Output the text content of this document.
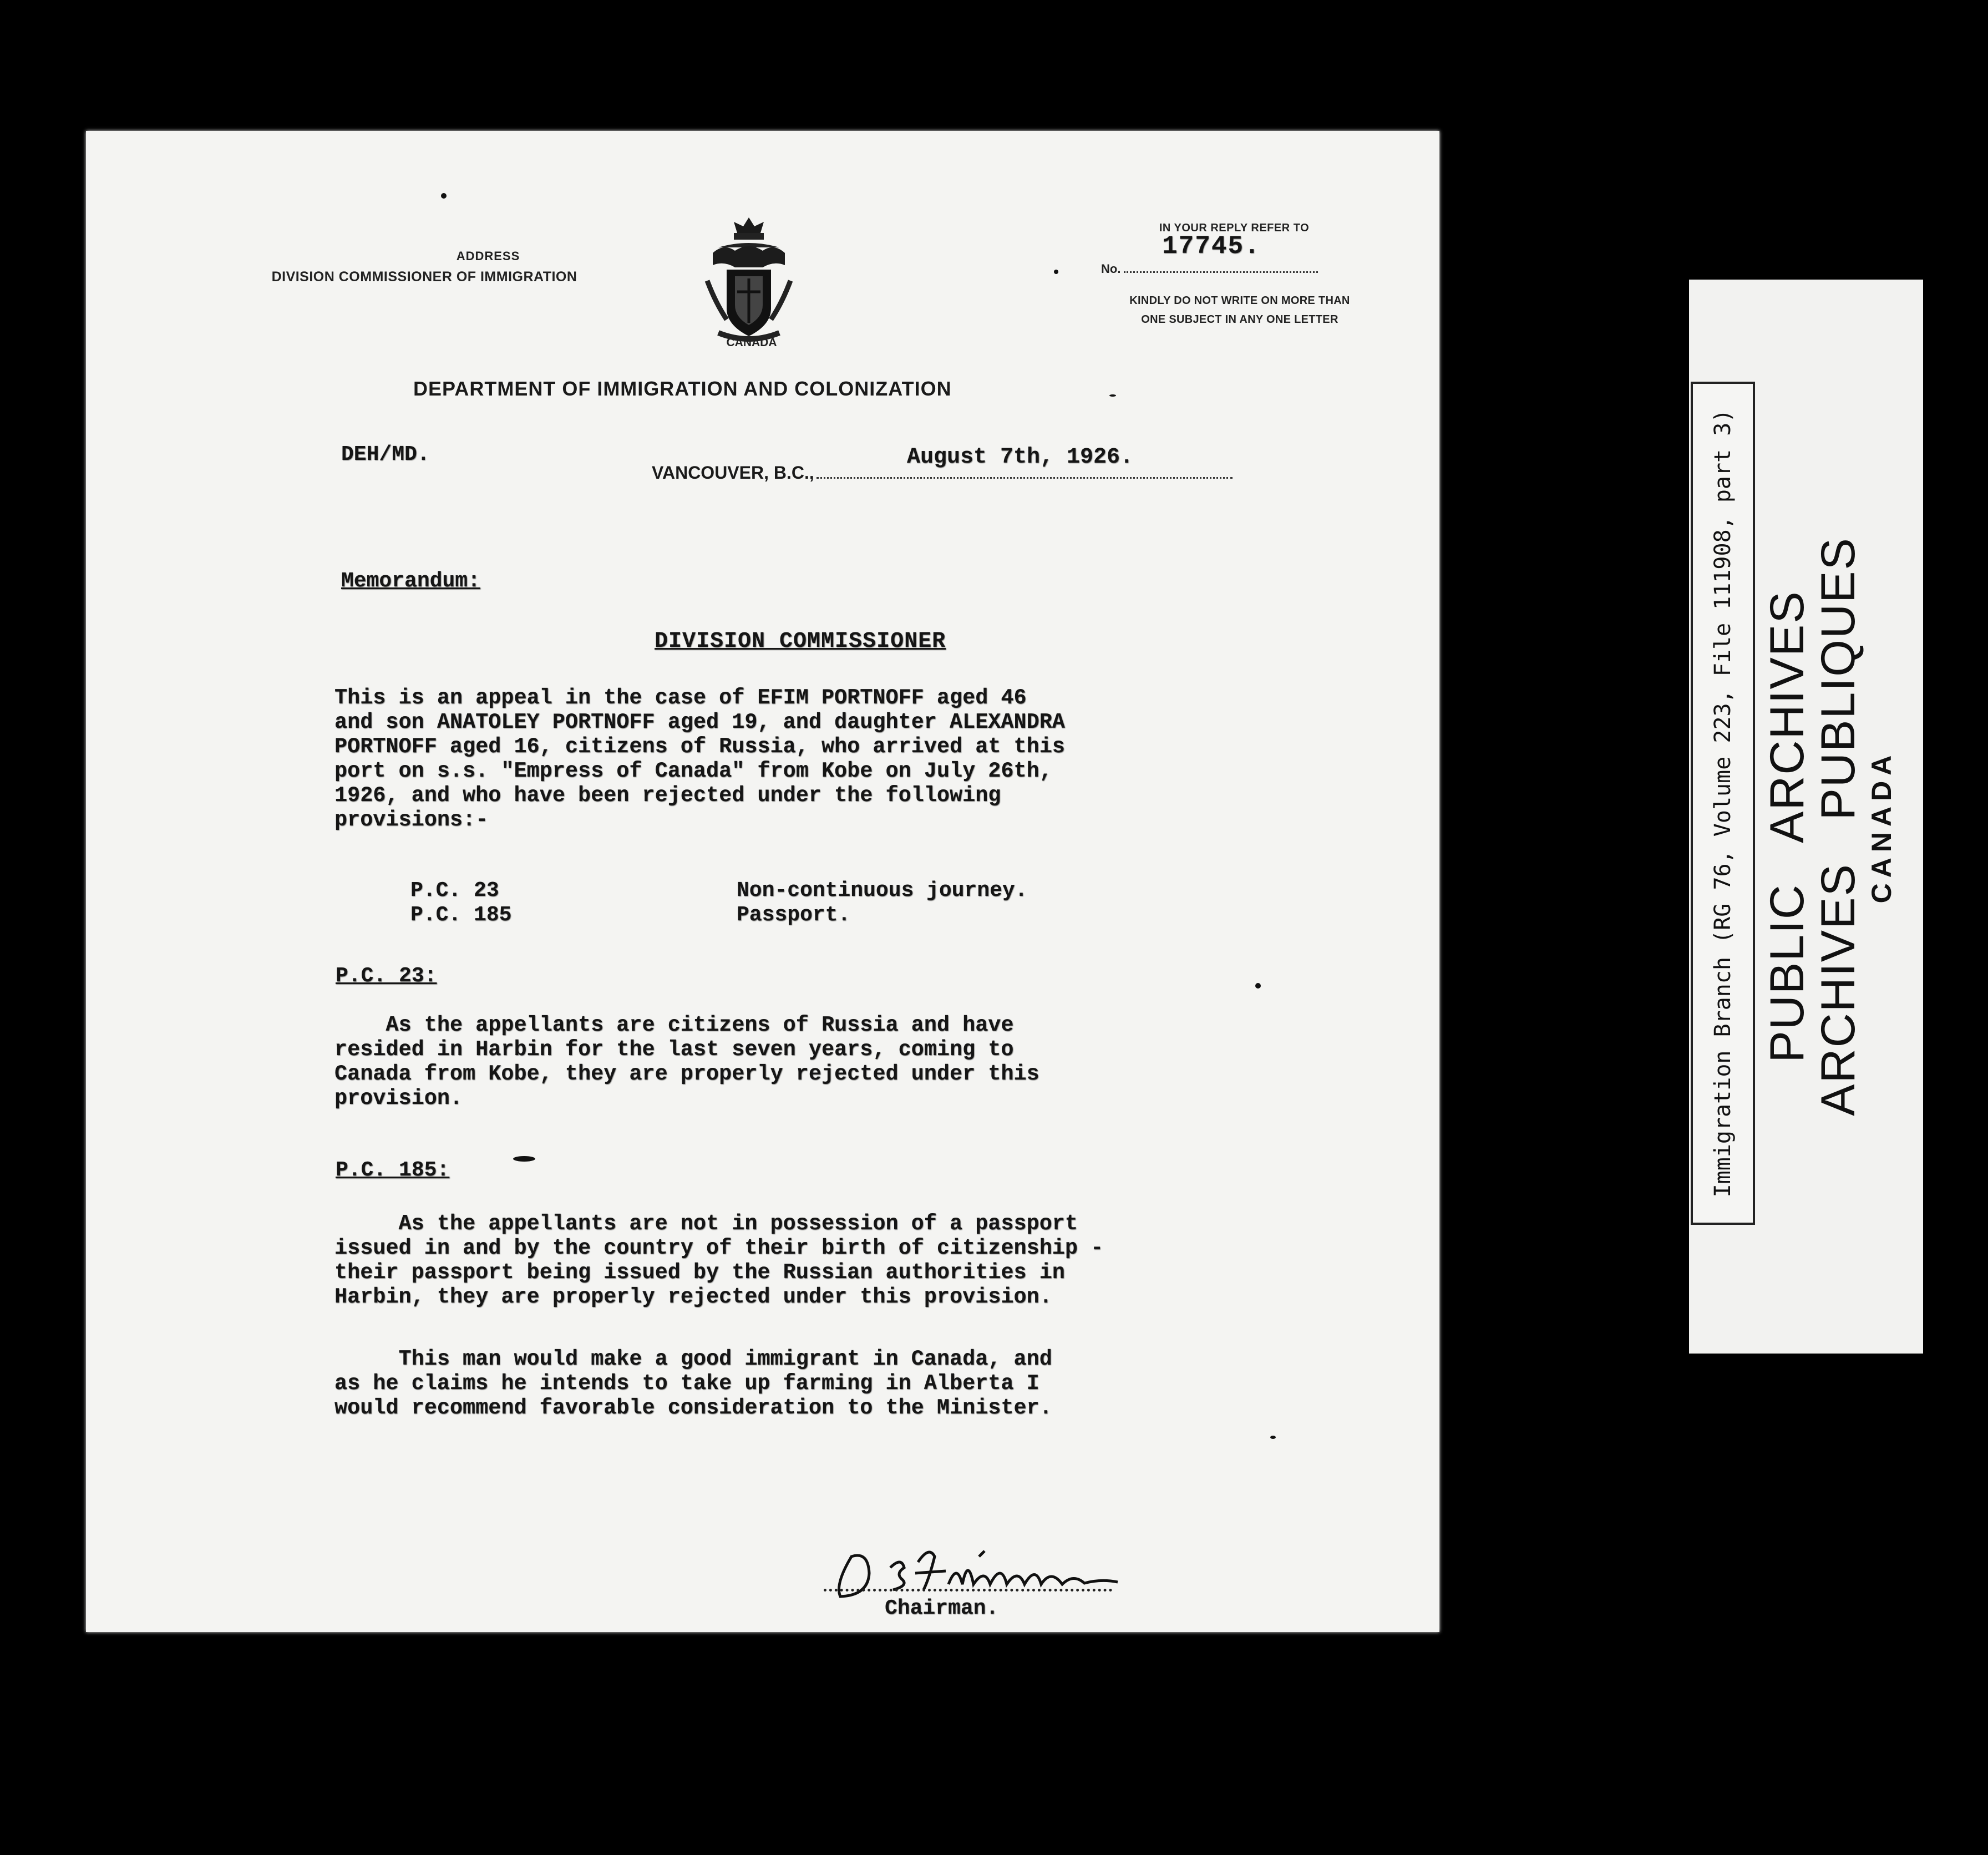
ADDRESS
DIVISION COMMISSIONER OF IMMIGRATION
CANADA
IN YOUR REPLY REFER TO
17745.
No.
KINDLY DO NOT WRITE ON MORE THAN
ONE SUBJECT IN ANY ONE LETTER
DEPARTMENT OF IMMIGRATION AND COLONIZATION
DEH/MD.
VANCOUVER, B.C.,
August 7th, 1926.
Memorandum:
DIVISION COMMISSIONER
This is an appeal in the case of EFIM PORTNOFF aged 46
and son ANATOLEY PORTNOFF aged 19, and daughter ALEXANDRA
PORTNOFF aged 16, citizens of Russia, who arrived at this
port on s.s. "Empress of Canada" from Kobe on July 26th,
1926, and who have been rejected under the following
provisions:-
P.C. 23	Non-continuous journey.
P.C. 185	Passport.
P.C. 23:
As the appellants are citizens of Russia and have
resided in Harbin for the last seven years, coming to
Canada from Kobe, they are properly rejected under this
provision.
P.C. 185:
As the appellants are not in possession of a passport
issued in and by the country of their birth of citizenship -
their passport being issued by the Russian authorities in
Harbin, they are properly rejected under this provision.
This man would make a good immigrant in Canada, and
as he claims he intends to take up farming in Alberta I
would recommend favorable consideration to the Minister.
Chairman.
Immigration Branch (RG 76, Volume 223, File 111908, part 3) PUBLIC   ARCHIVES
ARCHIVES   PUBLIQUES CANADA
